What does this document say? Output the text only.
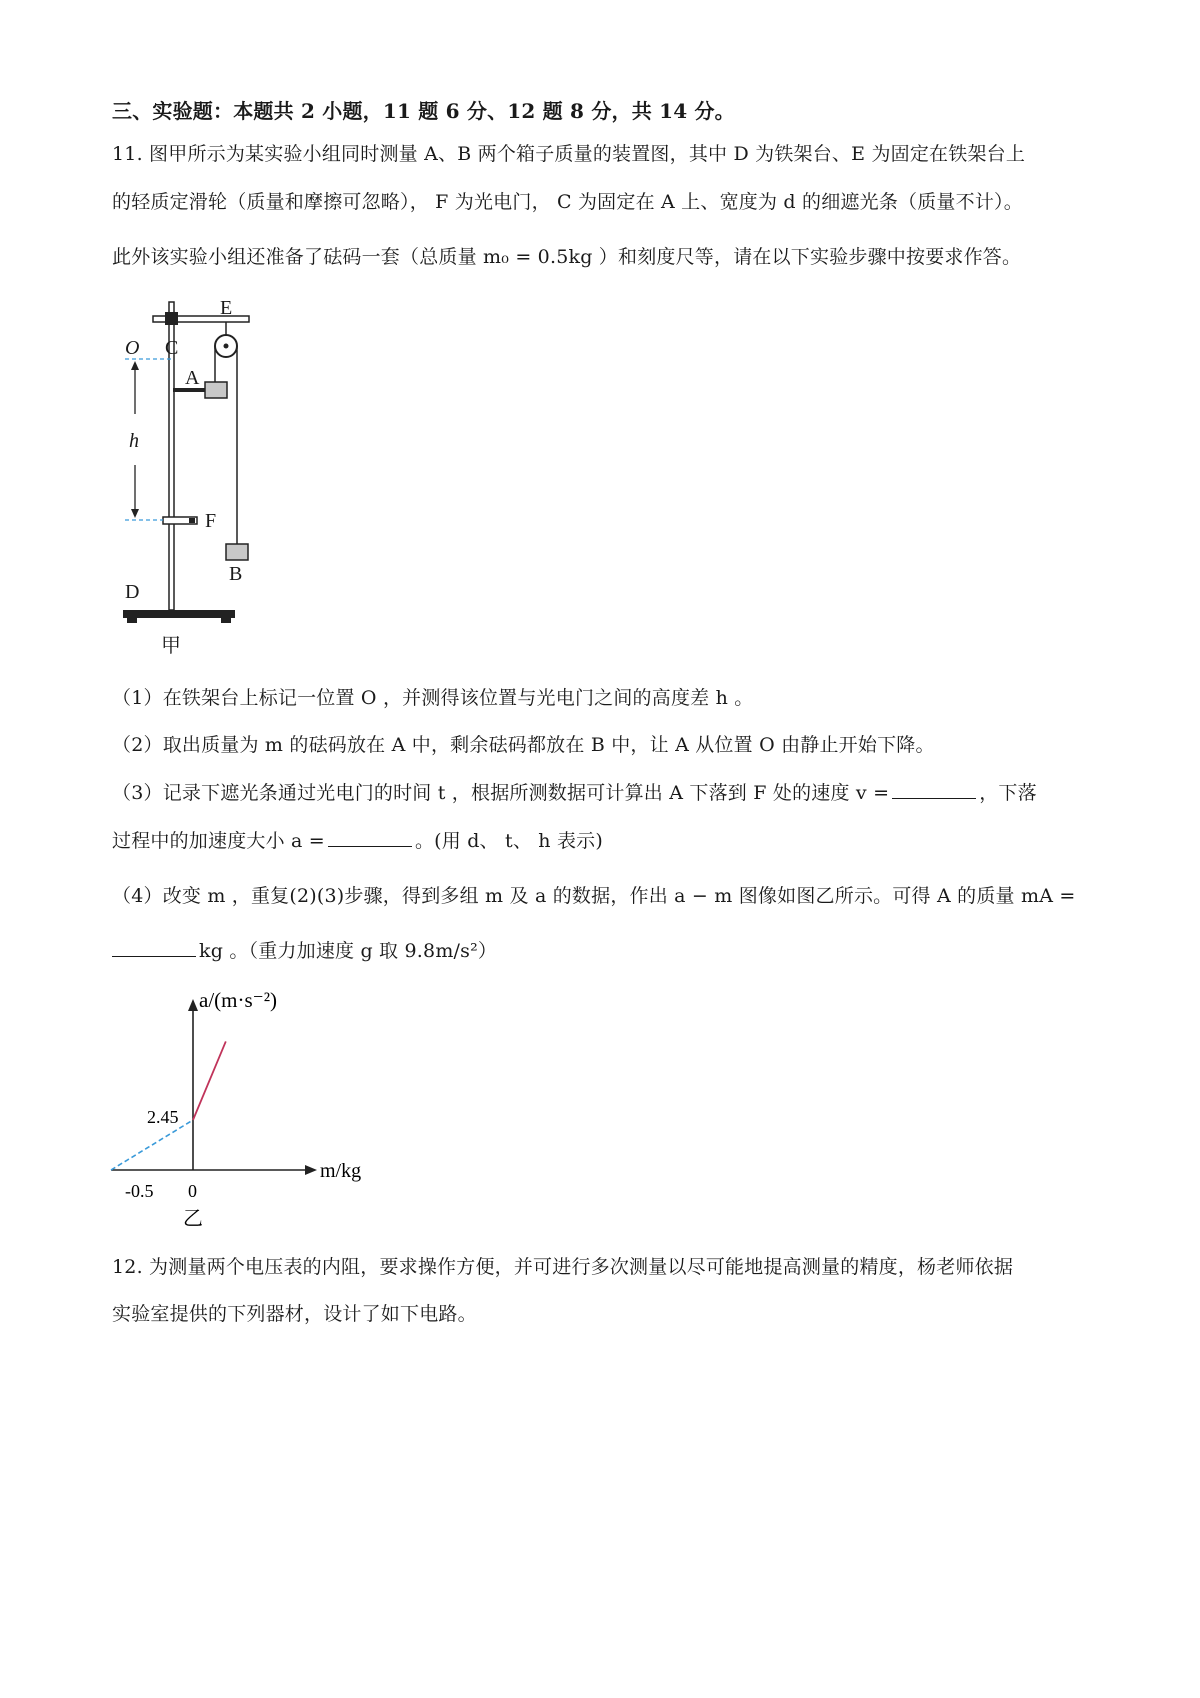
三、实验题：本题共 2 小题，11 题 6 分、12 题 8 分，共 14 分。
11. 图甲所示为某实验小组同时测量 A、B 两个箱子质量的装置图，其中 D 为铁架台、E 为固定在铁架台上
的轻质定滑轮（质量和摩擦可忽略）， F 为光电门， C 为固定在 A 上、宽度为 d 的细遮光条（质量不计）。
此外该实验小组还准备了砝码一套（总质量 m₀ = 0.5kg ）和刻度尺等，请在以下实验步骤中按要求作答。
E
O C
A
h
F
B
D
甲
（1）在铁架台上标记一位置 O ，并测得该位置与光电门之间的高度差 h 。
（2）取出质量为 m 的砝码放在 A 中，剩余砝码都放在 B 中，让 A 从位置 O 由静止开始下降。
（3）记录下遮光条通过光电门的时间 t ，根据所测数据可计算出 A 下落到 F 处的速度 v =	，下落
过程中的加速度大小 a =	。(用 d、 t、 h 表示)
（4）改变 m ，重复(2)(3)步骤，得到多组 m 及 a 的数据，作出 a − m 图像如图乙所示。可得 A 的质量 mA =
kg 。（重力加速度 g 取 9.8m/s²）
a/(m·s⁻²)
m/kg
2.45
-0.5 0
乙
12. 为测量两个电压表的内阻，要求操作方便，并可进行多次测量以尽可能地提高测量的精度，杨老师依据
实验室提供的下列器材，设计了如下电路。
